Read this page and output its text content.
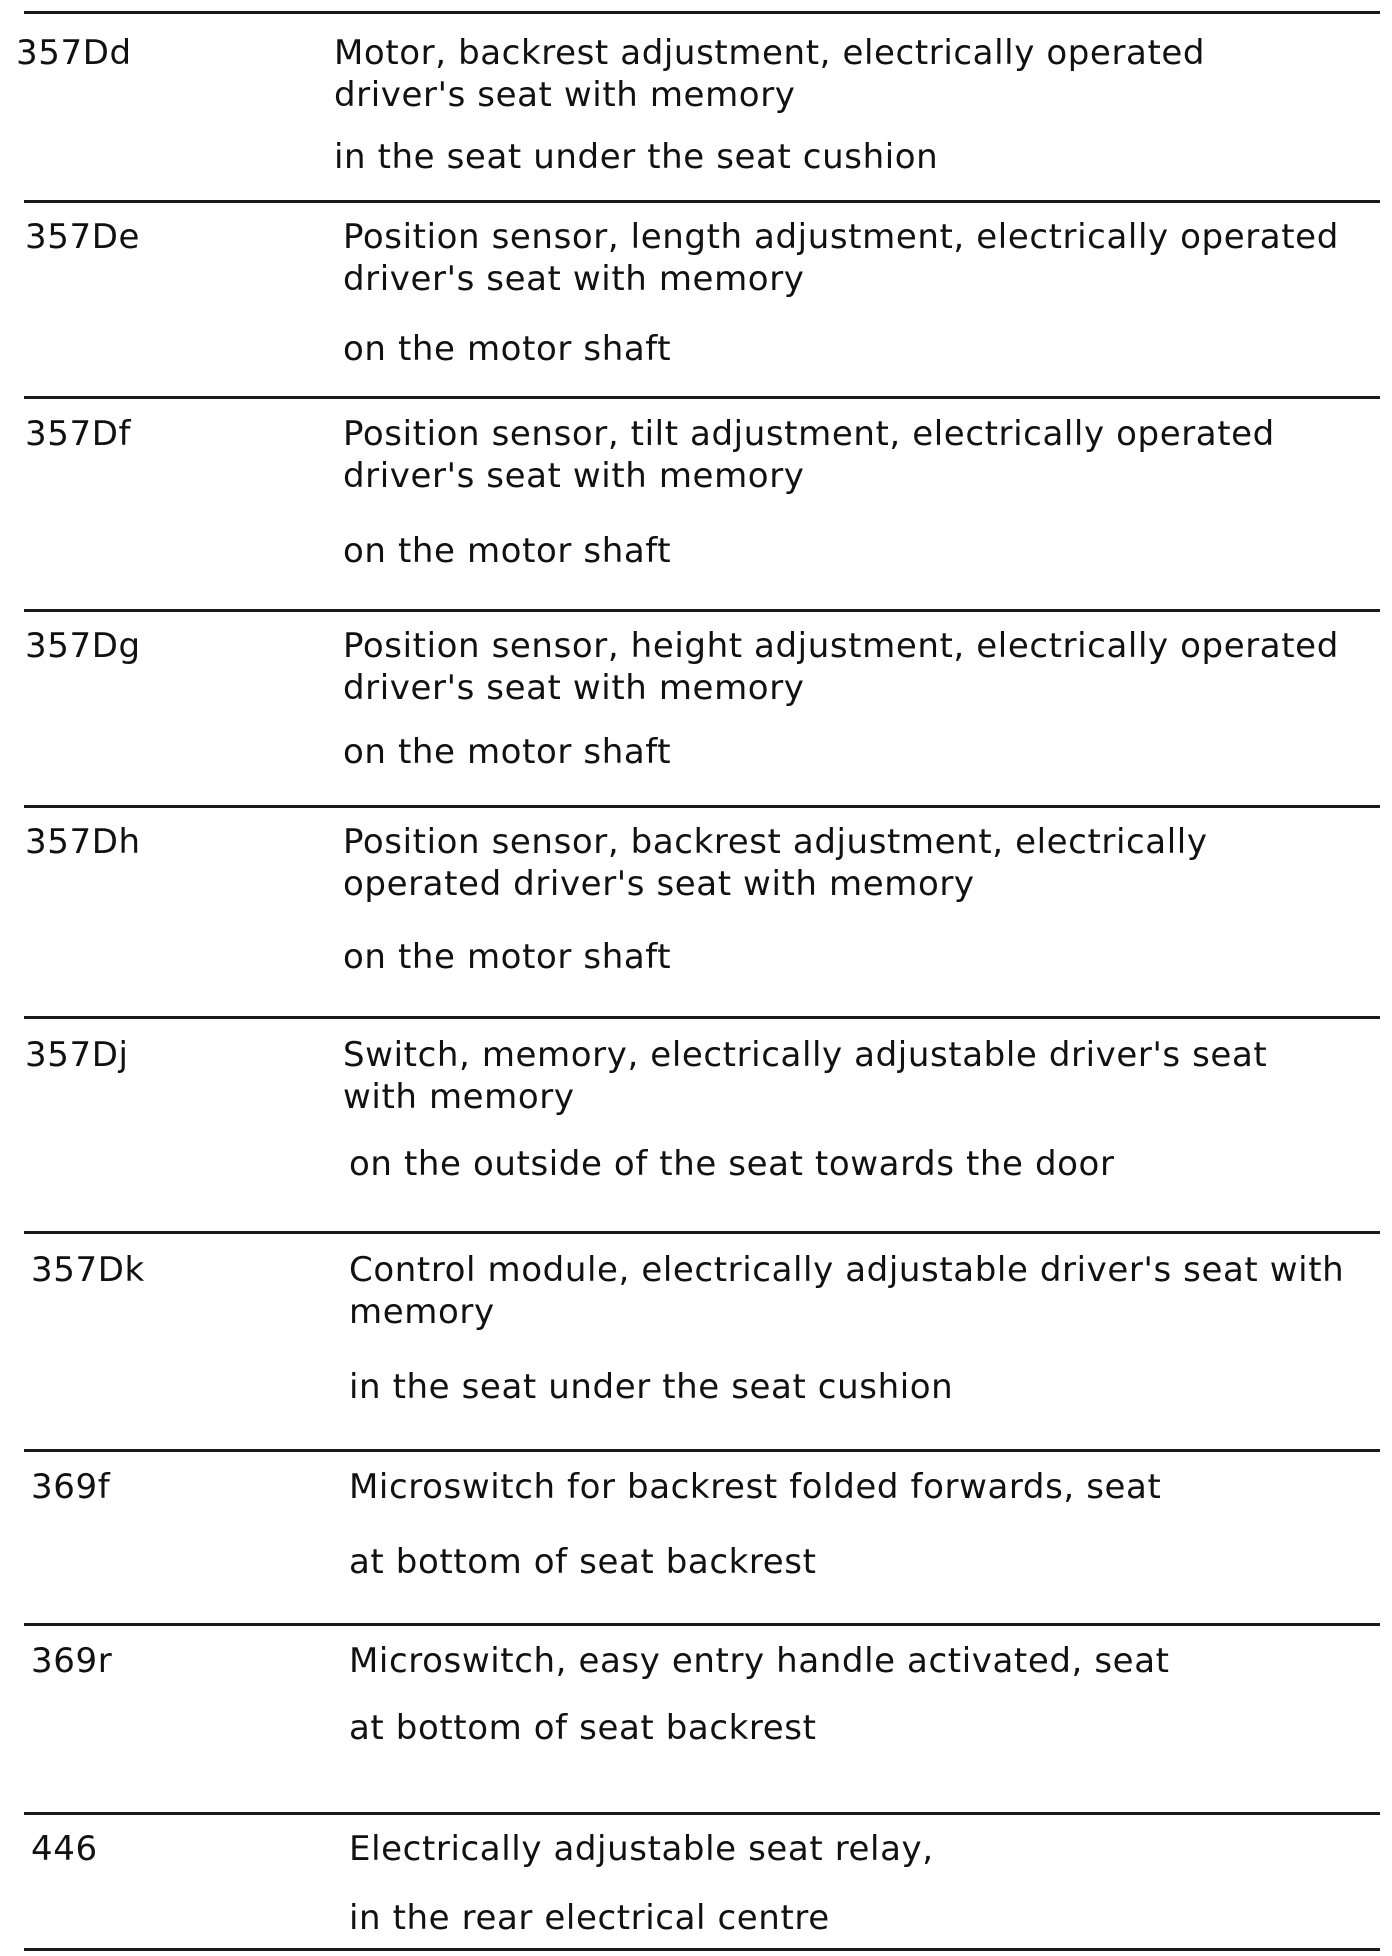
357Dd	Motor, backrest adjustment, electrically operated
driver's seat with memory
in the seat under the seat cushion
357De	Position sensor, length adjustment, electrically operated
driver's seat with memory
on the motor shaft
357Df	Position sensor, tilt adjustment, electrically operated
driver's seat with memory
on the motor shaft
357Dg	Position sensor, height adjustment, electrically operated
driver's seat with memory
on the motor shaft
357Dh	Position sensor, backrest adjustment, electrically
operated driver's seat with memory
on the motor shaft
357Dj	Switch, memory, electrically adjustable driver's seat
with memory
on the outside of the seat towards the door
357Dk	Control module, electrically adjustable driver's seat with
memory
in the seat under the seat cushion
369f	Microswitch for backrest folded forwards, seat
at bottom of seat backrest
369r	Microswitch, easy entry handle activated, seat
at bottom of seat backrest
446	Electrically adjustable seat relay,
in the rear electrical centre
